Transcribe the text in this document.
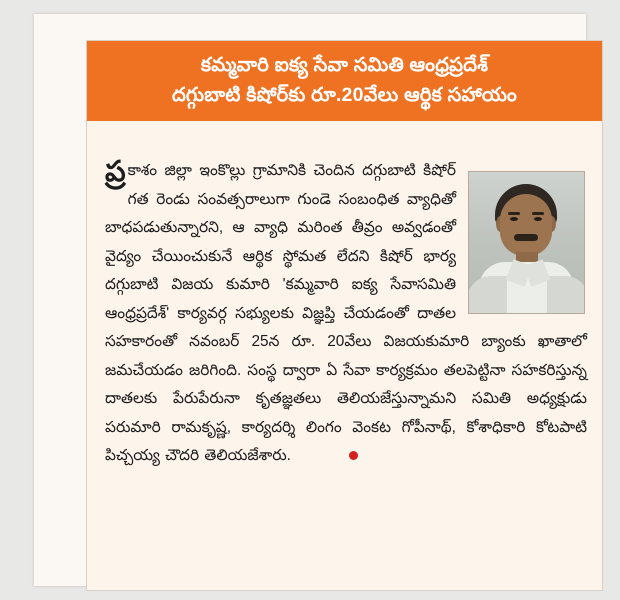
కమ్మవారి ఐక్య సేవా సమితి ఆంధ్రప్రదేశ్
దగ్గుబాటి కిషోర్‌కు రూ.20వేలు ఆర్థిక సహాయం

ప్ర కాశం జిల్లా ఇంకొల్లు గ్రామానికి చెందిన దగ్గుబాటి కిషోర్ గత రెండు సంవత్సరాలుగా గుండె సంబంధిత వ్యాధితో బాధపడుతున్నారని, ఆ వ్యాధి మరింత తీవ్రం అవ్వడంతో వైద్యం చేయించుకునే ఆర్థిక స్థోమత లేదని కిషోర్ భార్య దగ్గుబాటి విజయ కుమారి 'కమ్మవారి ఐక్య సేవాసమితి ఆంధ్రప్రదేశ్' కార్యవర్గ సభ్యులకు విజ్ఞప్తి చేయడంతో దాతల సహకారంతో నవంబర్ 25న రూ. 20వేలు విజయకుమారి బ్యాంకు ఖాతాలో జమచేయడం జరిగింది. సంస్థ ద్వారా ఏ సేవా కార్యక్రమం తలపెట్టినా సహకరిస్తున్న దాతలకు పేరుపేరునా కృతజ్ఞతలు తెలియజేస్తున్నామని సమితి అధ్యక్షుడు పరుమారి రామకృష్ణ, కార్యదర్శి లింగం వెంకట గోపీనాథ్, కోశాధికారి కోటపాటి పిచ్చయ్య చౌదరి తెలియజేశారు.
